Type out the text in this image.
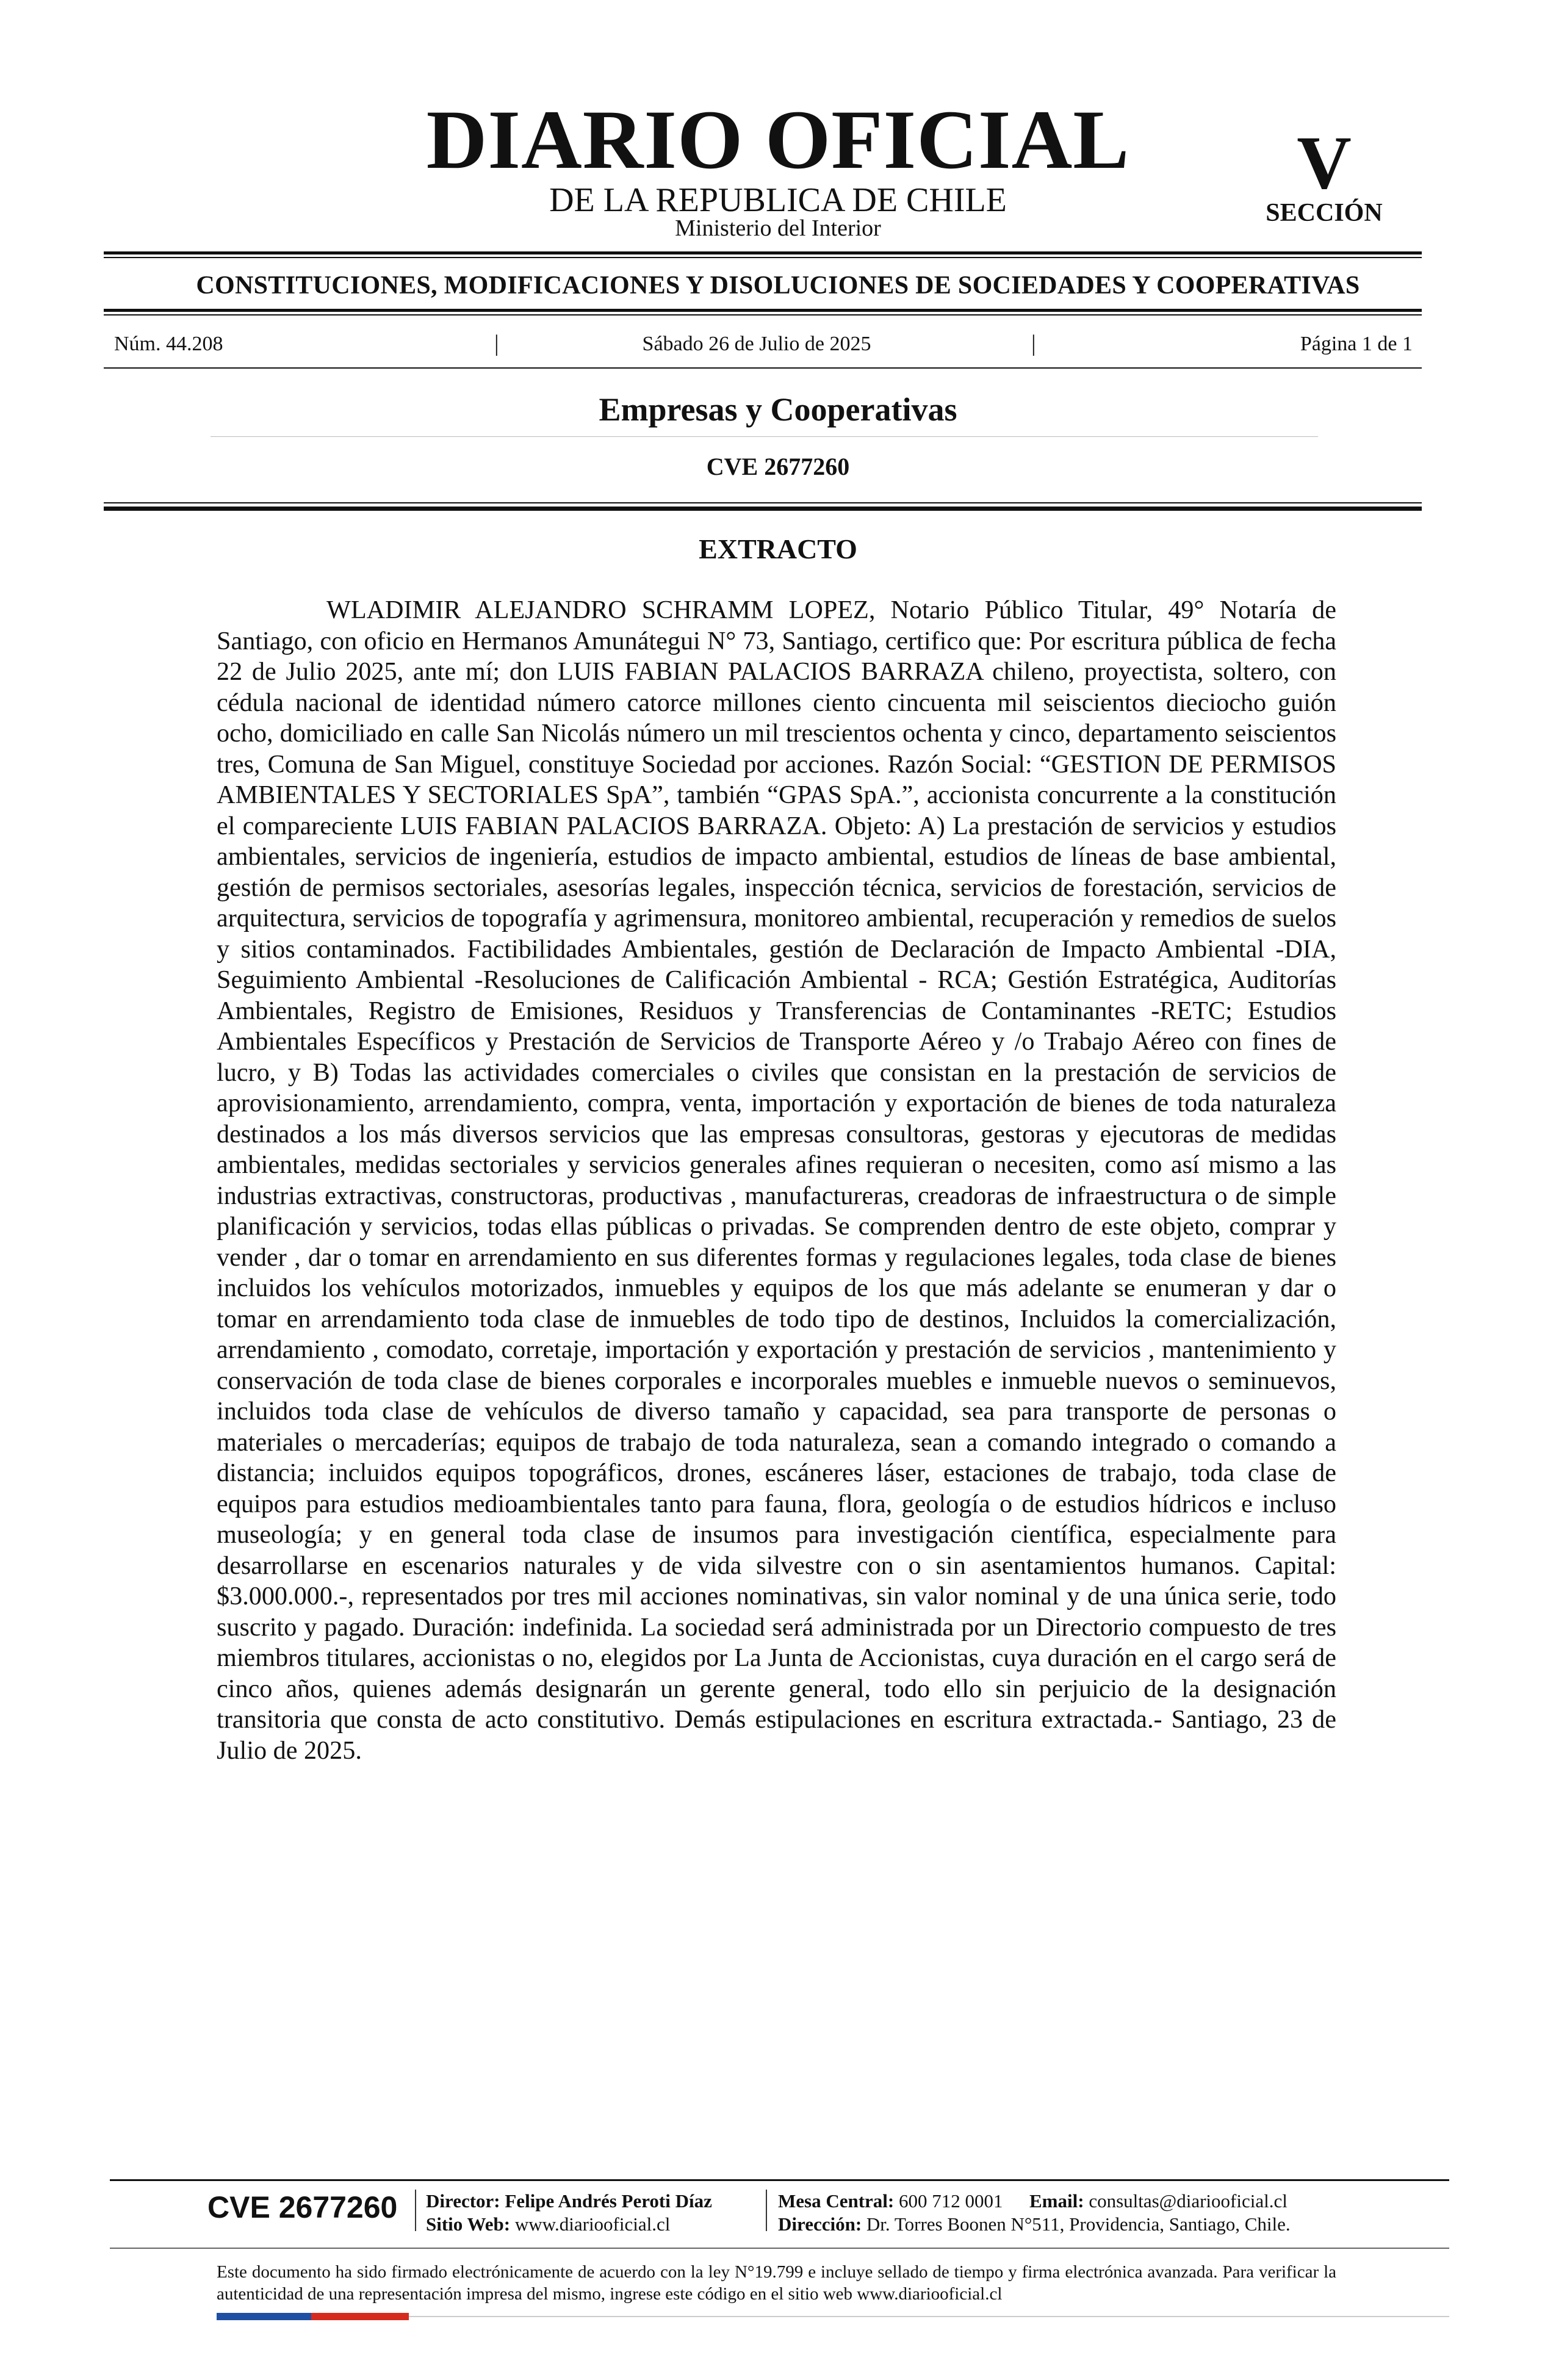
DIARIO OFICIAL
DE LA REPUBLICA DE CHILE
Ministerio del Interior
V
SECCIÓN
CONSTITUCIONES, MODIFICACIONES Y DISOLUCIONES DE SOCIEDADES Y COOPERATIVAS
Núm. 44.208	|	Sábado 26 de Julio de 2025	|	Página 1 de 1
Empresas y Cooperativas
CVE 2677260
EXTRACTO

WLADIMIR ALEJANDRO SCHRAMM LOPEZ, Notario Público Titular, 49° Notaría de Santiago, con oficio en Hermanos Amunátegui N° 73, Santiago, certifico que: Por escritura pública de fecha 22 de Julio 2025, ante mí; don LUIS FABIAN PALACIOS BARRAZA chileno, proyectista, soltero, con cédula nacional de identidad número catorce millones ciento cincuenta mil seiscientos dieciocho guión ocho, domiciliado en calle San Nicolás número un mil trescientos ochenta y cinco, departamento seiscientos tres, Comuna de San Miguel, constituye Sociedad por acciones. Razón Social: “GESTION DE PERMISOS AMBIENTALES Y SECTORIALES SpA”, también “GPAS SpA.”, accionista concurrente a la constitución el compareciente LUIS FABIAN PALACIOS BARRAZA. Objeto: A) La prestación de servicios y estudios ambientales, servicios de ingeniería, estudios de impacto ambiental, estudios de líneas de base ambiental, gestión de permisos sectoriales, asesorías legales, inspección técnica, servicios de forestación, servicios de arquitectura, servicios de topografía y agrimensura, monitoreo ambiental, recuperación y remedios de suelos y sitios contaminados. Factibilidades Ambientales, gestión de Declaración de Impacto Ambiental -DIA, Seguimiento Ambiental -Resoluciones de Calificación Ambiental - RCA; Gestión Estratégica, Auditorías Ambientales, Registro de Emisiones, Residuos y Transferencias de Contaminantes -RETC; Estudios Ambientales Específicos y Prestación de Servicios de Transporte Aéreo y /o Trabajo Aéreo con fines de lucro, y B) Todas las actividades comerciales o civiles que consistan en la prestación de servicios de aprovisionamiento, arrendamiento, compra, venta, importación y exportación de bienes de toda naturaleza destinados a los más diversos servicios que las empresas consultoras, gestoras y ejecutoras de medidas ambientales, medidas sectoriales y servicios generales afines requieran o necesiten, como así mismo a las industrias extractivas, constructoras, productivas , manufactureras, creadoras de infraestructura o de simple planificación y servicios, todas ellas públicas o privadas. Se comprenden dentro de este objeto, comprar y vender , dar o tomar en arrendamiento en sus diferentes formas y regulaciones legales, toda clase de bienes incluidos los vehículos motorizados, inmuebles y equipos de los que más adelante se enumeran y dar o tomar en arrendamiento toda clase de inmuebles de todo tipo de destinos, Incluidos la comercialización, arrendamiento , comodato, corretaje, importación y exportación y prestación de servicios , mantenimiento y conservación de toda clase de bienes corporales e incorporales muebles e inmueble nuevos o seminuevos, incluidos toda clase de vehículos de diverso tamaño y capacidad, sea para transporte de personas o materiales o mercaderías; equipos de trabajo de toda naturaleza, sean a comando integrado o comando a distancia; incluidos equipos topográficos, drones, escáneres láser, estaciones de trabajo, toda clase de equipos para estudios medioambientales tanto para fauna, flora, geología o de estudios hídricos e incluso museología; y en general toda clase de insumos para investigación científica, especialmente para desarrollarse en escenarios naturales y de vida silvestre con o sin asentamientos humanos. Capital: $3.000.000.-, representados por tres mil acciones nominativas, sin valor nominal y de una única serie, todo suscrito y pagado. Duración: indefinida. La sociedad será administrada por un Directorio compuesto de tres miembros titulares, accionistas o no, elegidos por La Junta de Accionistas, cuya duración en el cargo será de cinco años, quienes además designarán un gerente general, todo ello sin perjuicio de la designación transitoria que consta de acto constitutivo. Demás estipulaciones en escritura extractada.- Santiago, 23 de Julio de 2025.

CVE 2677260 Director: Felipe Andrés Peroti Díaz
Sitio Web: www.diariooficial.cl
Mesa Central: 600 712 0001 Email: consultas@diariooficial.cl
Dirección: Dr. Torres Boonen N°511, Providencia, Santiago, Chile.

Este documento ha sido firmado electrónicamente de acuerdo con la ley N°19.799 e incluye sellado de tiempo y firma electrónica avanzada. Para verificar la autenticidad de una representación impresa del mismo, ingrese este código en el sitio web www.diariooficial.cl
